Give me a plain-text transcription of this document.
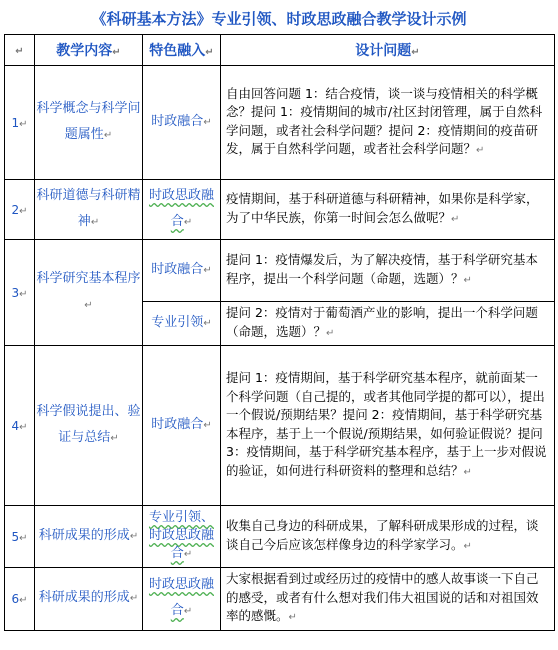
《科研基本方法》专业引领、时政思政融合教学设计示例
↵	教学内容↵	特色融入↵	设计问题↵
1↵	科学概念与科学问题属性↵	时政融合↵	自由回答问题 1：结合疫情，谈一谈与疫情相关的科学概念？提问 1：疫情期间的城市/社区封闭管理，属于自然科学问题，或者社会科学问题？提问 2：疫情期间的疫苗研发，属于自然科学问题，或者社会科学问题？↵
2↵	科研道德与科研精神↵	时政思政融合↵	疫情期间，基于科研道德与科研精神，如果你是科学家，为了中华民族，你第一时间会怎么做呢？↵
3↵	科学研究基本程序↵	时政融合↵	提问 1：疫情爆发后，为了解决疫情，基于科学研究基本程序，提出一个科学问题（命题，选题）？↵
		专业引领↵	提问 2：疫情对于葡萄酒产业的影响，提出一个科学问题（命题，选题）？↵
4↵	科学假说提出、验证与总结↵	时政融合↵	提问 1：疫情期间，基于科学研究基本程序，就前面某一个科学问题（自己提的，或者其他同学提的都可以），提出一个假说/预期结果？提问 2：疫情期间，基于科学研究基本程序，基于上一个假说/预期结果，如何验证假说？提问 3：疫情期间，基于科学研究基本程序，基于上一步对假说的验证，如何进行科研资料的整理和总结？↵
5↵	科研成果的形成↵	专业引领、时政思政融合↵	收集自己身边的科研成果，了解科研成果形成的过程，谈谈自己今后应该怎样像身边的科学家学习。↵
6↵	科研成果的形成↵	时政思政融合↵	大家根据看到过或经历过的疫情中的感人故事谈一下自己的感受，或者有什么想对我们伟大祖国说的话和对祖国效率的感慨。↵
